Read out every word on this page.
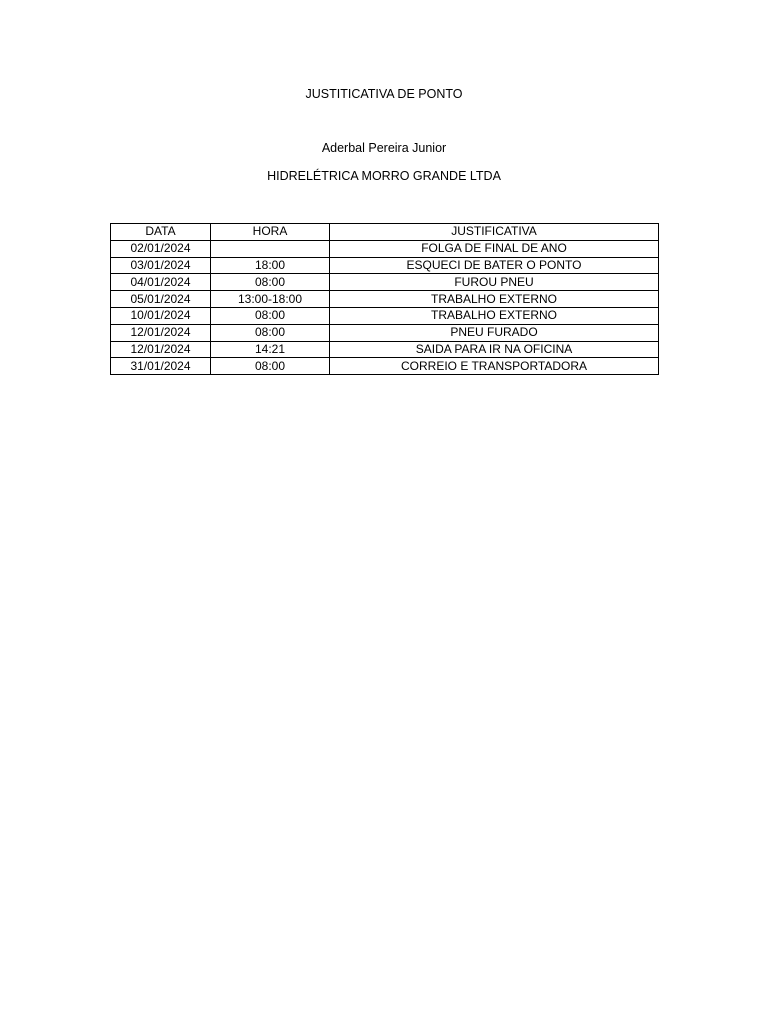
JUSTITICATIVA DE PONTO
Aderbal Pereira Junior
HIDRELÉTRICA MORRO GRANDE LTDA
DATA	HORA	JUSTIFICATIVA
02/01/2024		FOLGA DE FINAL DE ANO
03/01/2024	18:00	ESQUECI DE BATER O PONTO
04/01/2024	08:00	FUROU PNEU
05/01/2024	13:00-18:00	TRABALHO EXTERNO
10/01/2024	08:00	TRABALHO EXTERNO
12/01/2024	08:00	PNEU FURADO
12/01/2024	14:21	SAIDA PARA IR NA OFICINA
31/01/2024	08:00	CORREIO E TRANSPORTADORA
